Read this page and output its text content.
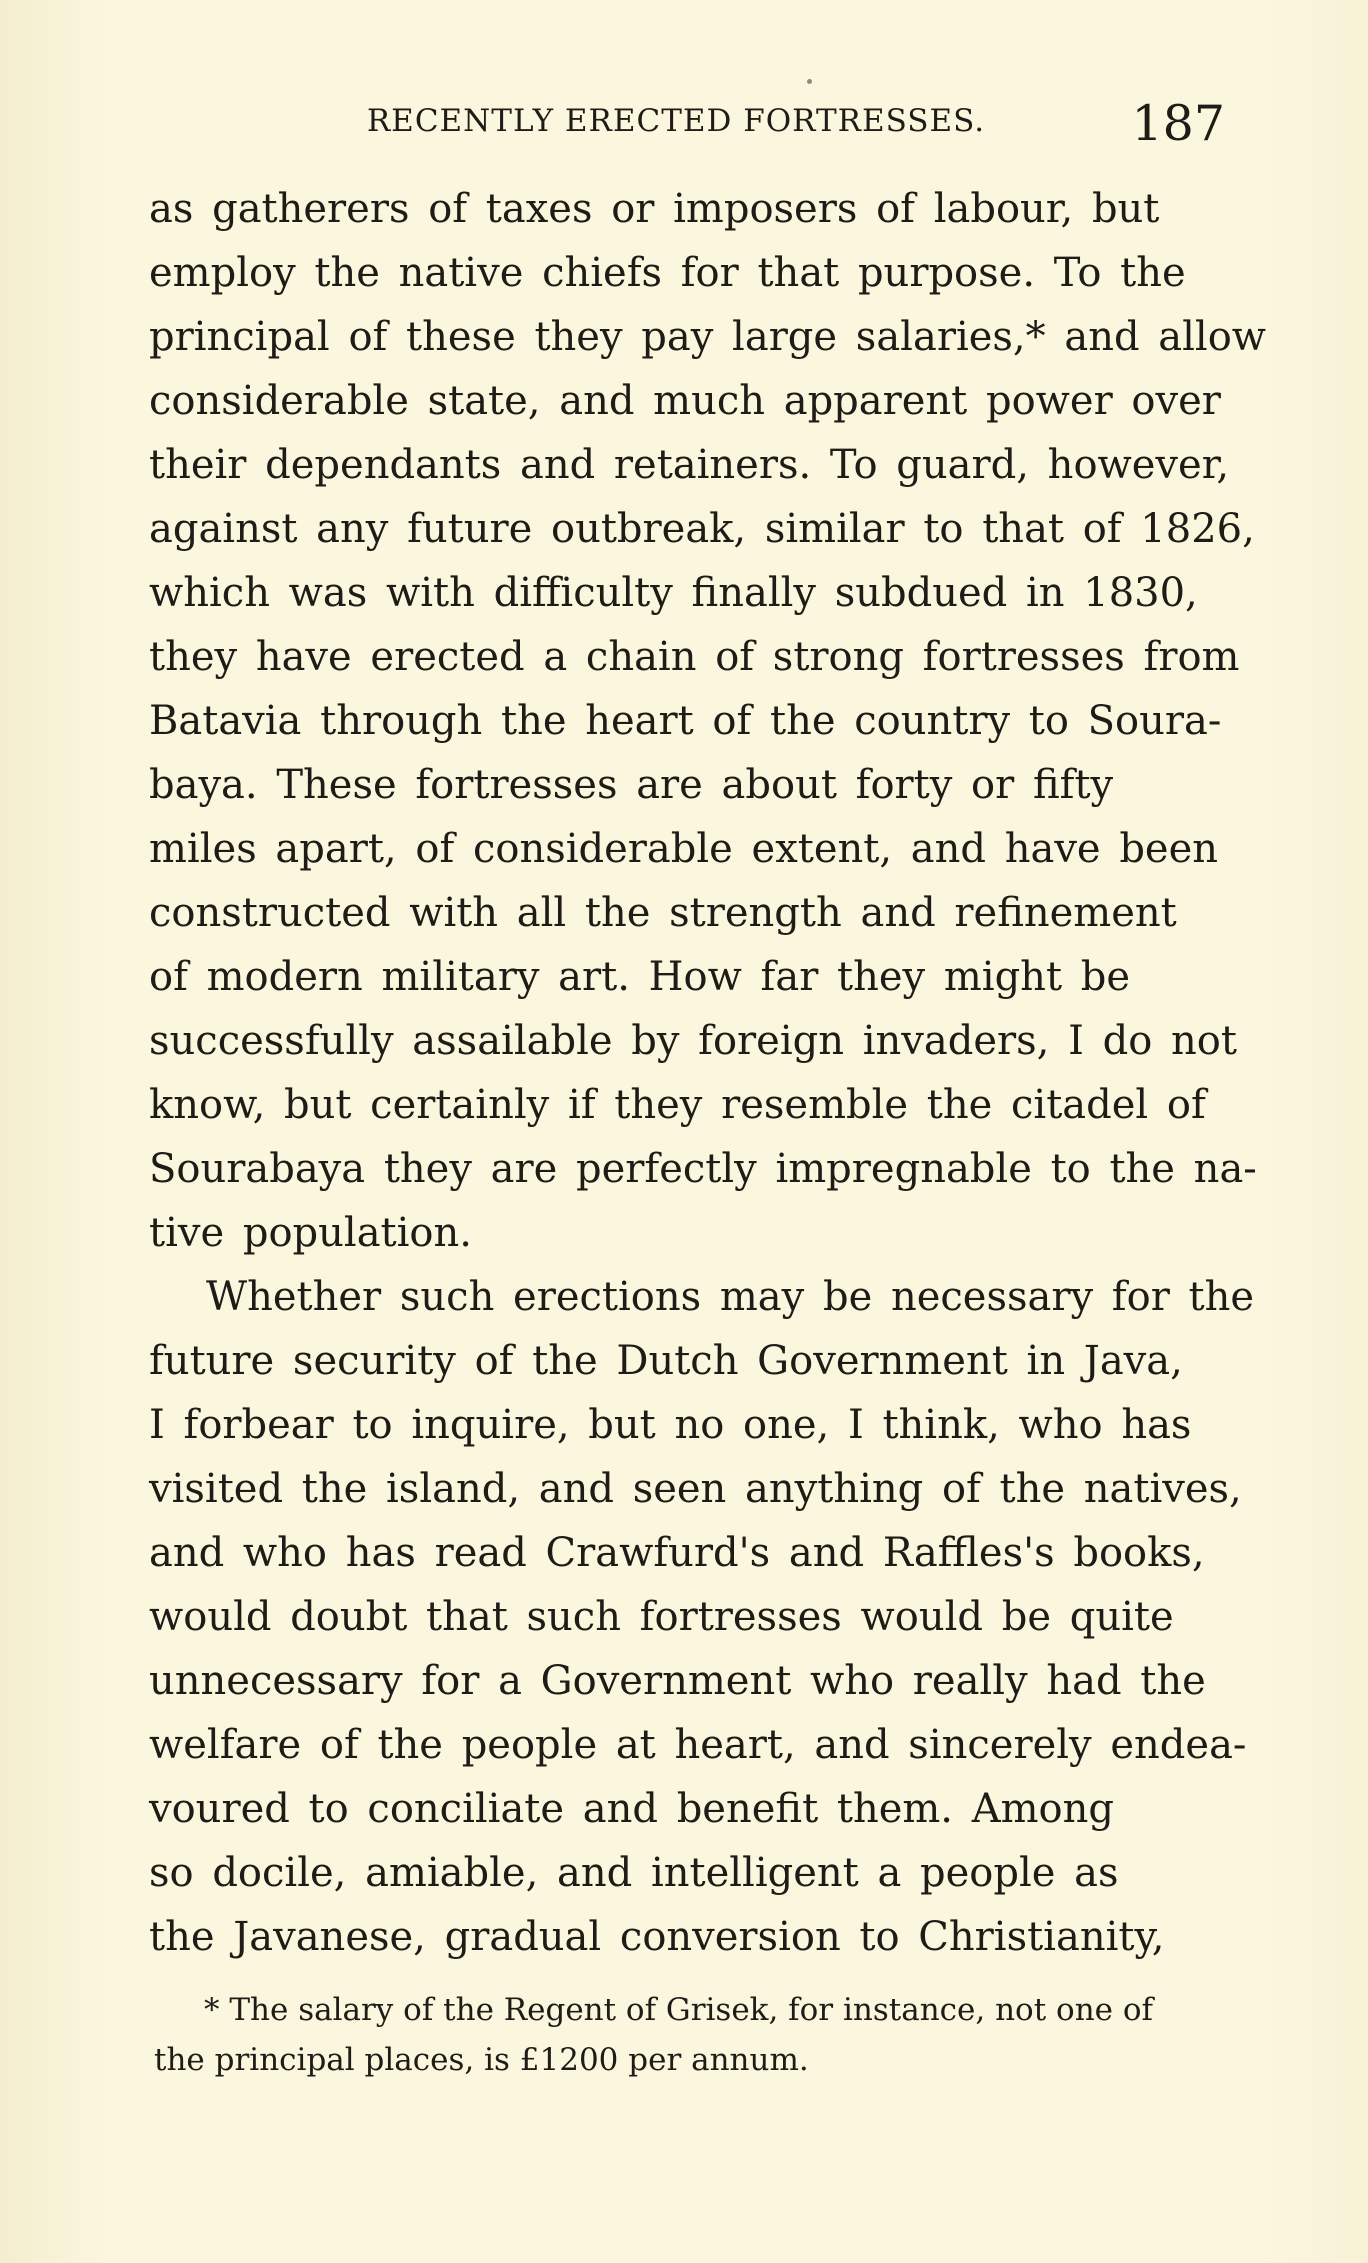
RECENTLY ERECTED FORTRESSES.	187
as gatherers of taxes or imposers of labour, but
employ the native chiefs for that purpose. To the
principal of these they pay large salaries,* and allow
considerable state, and much apparent power over
their dependants and retainers. To guard, however,
against any future outbreak, similar to that of 1826,
which was with difficulty finally subdued in 1830,
they have erected a chain of strong fortresses from
Batavia through the heart of the country to Soura-
baya. These fortresses are about forty or fifty
miles apart, of considerable extent, and have been
constructed with all the strength and refinement
of modern military art. How far they might be
successfully assailable by foreign invaders, I do not
know, but certainly if they resemble the citadel of
Sourabaya they are perfectly impregnable to the na-
tive population.
Whether such erections may be necessary for the
future security of the Dutch Government in Java,
I forbear to inquire, but no one, I think, who has
visited the island, and seen anything of the natives,
and who has read Crawfurd's and Raffles's books,
would doubt that such fortresses would be quite
unnecessary for a Government who really had the
welfare of the people at heart, and sincerely endea-
voured to conciliate and benefit them. Among
so docile, amiable, and intelligent a people as
the Javanese, gradual conversion to Christianity,
* The salary of the Regent of Grisek, for instance, not one of
the principal places, is £1200 per annum.
